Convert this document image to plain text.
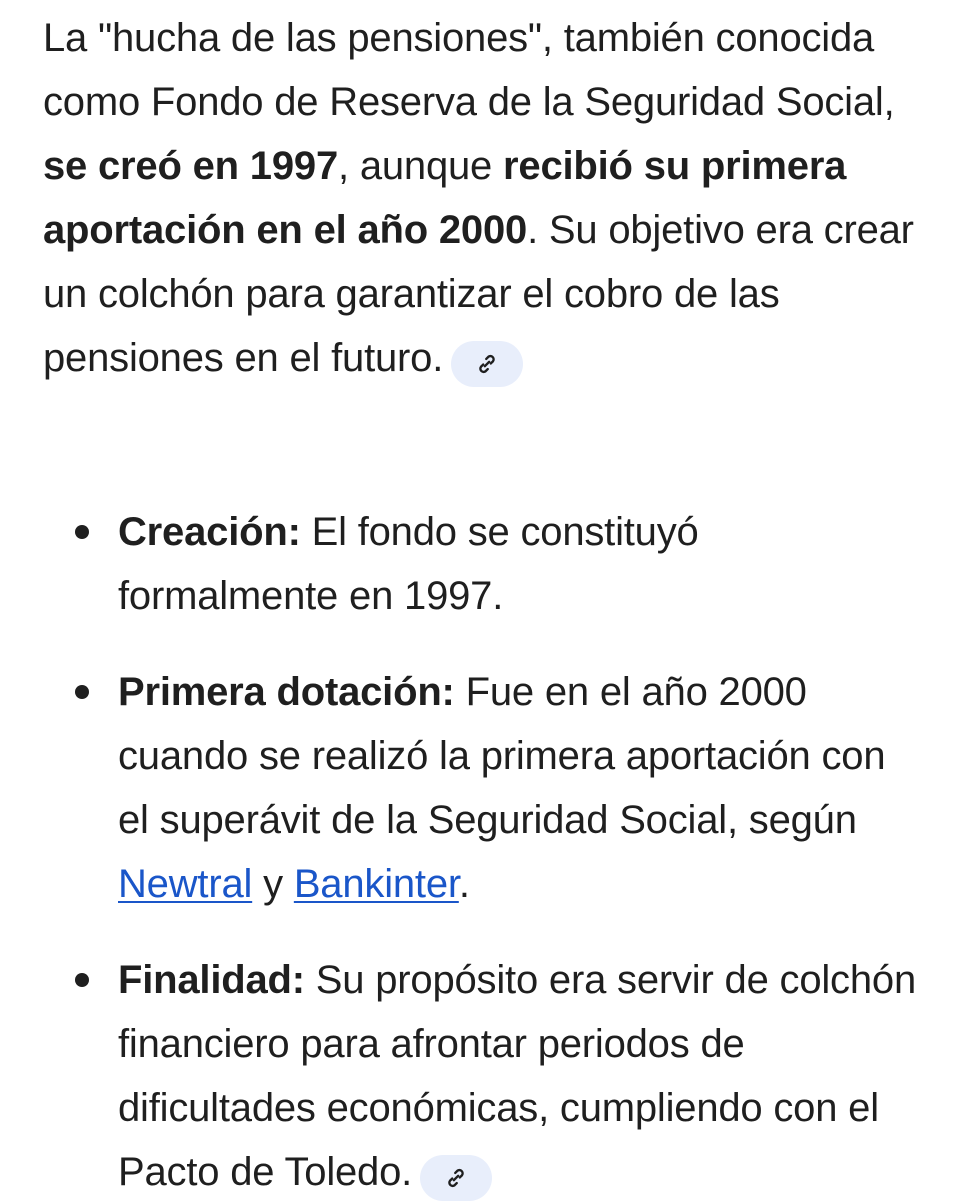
La "hucha de las pensiones", también conocida como Fondo de Reserva de la Seguridad Social, se creó en 1997, aunque recibió su primera aportación en el año 2000. Su objetivo era crear un colchón para garantizar el cobro de las pensiones en el futuro.

Creación: El fondo se constituyó formalmente en 1997.
Primera dotación: Fue en el año 2000 cuando se realizó la primera aportación con el superávit de la Seguridad Social, según Newtral y Bankinter.
Finalidad: Su propósito era servir de colchón financiero para afrontar periodos de dificultades económicas, cumpliendo con el Pacto de Toledo.
